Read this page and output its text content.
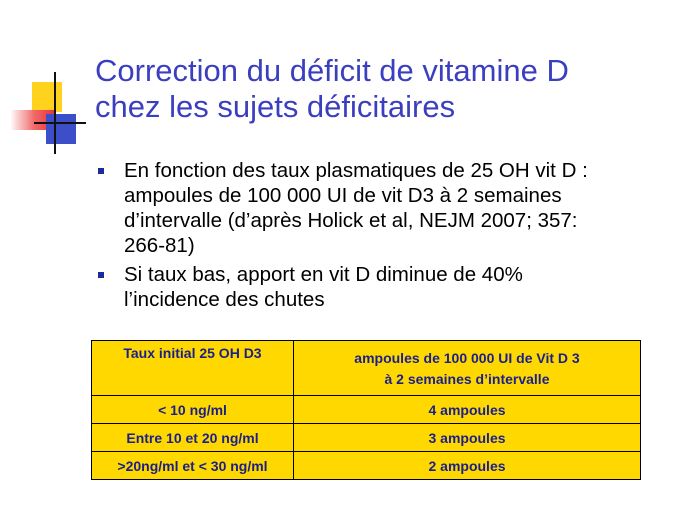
Correction du déficit de vitamine D
chez les sujets déficitaires
En fonction des taux plasmatiques de 25 OH vit D :
ampoules de 100 000 UI de vit D3 à 2 semaines
d’intervalle (d’après Holick et al, NEJM 2007; 357:
266-81)
Si taux bas, apport en vit D diminue de 40%
l’incidence des chutes
Taux initial 25 OH D3	ampoules de 100 000 UI de Vit D 3
à 2 semaines d’intervalle

< 10 ng/ml	4 ampoules
Entre 10 et 20 ng/ml	3 ampoules
>20ng/ml et < 30 ng/ml	2 ampoules
